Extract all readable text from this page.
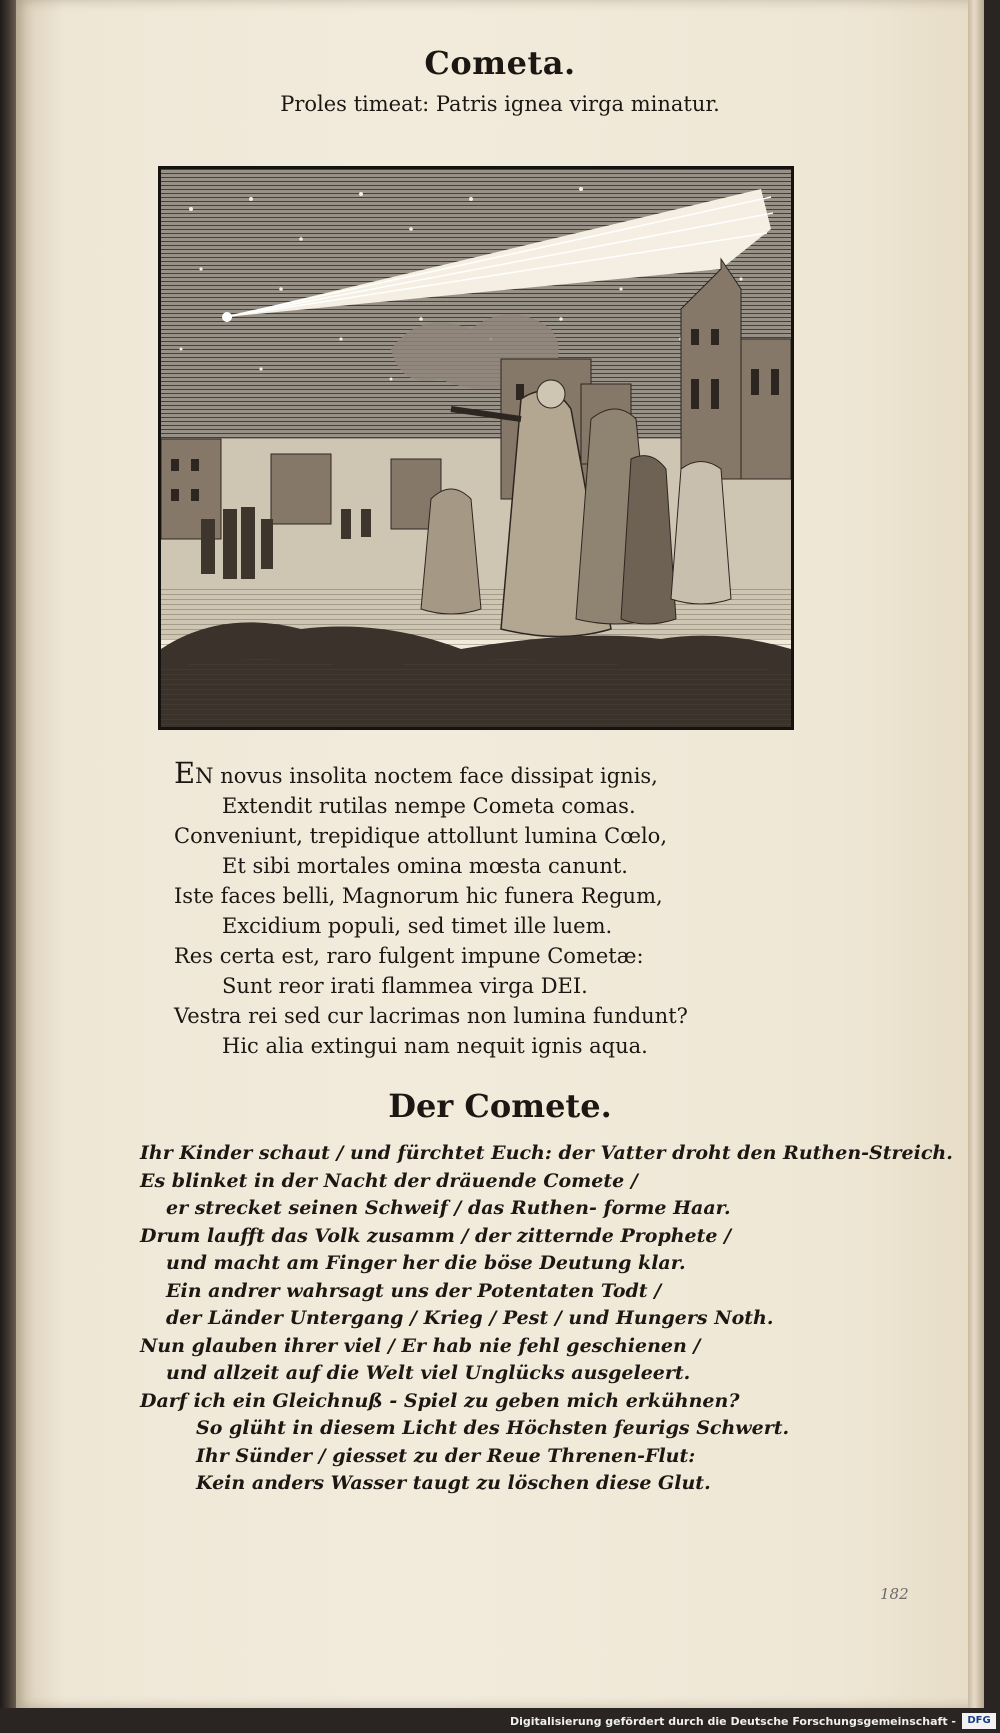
Cometa.
Proles timeat: Patris ignea virga minatur.
EN novus insolita noctem face dissipat ignis,
Extendit rutilas nempe Cometa comas.
Conveniunt, trepidique attollunt lumina Cœlo,
Et sibi mortales omina mœsta canunt.
Iste faces belli, Magnorum hic funera Regum,
Excidium populi, sed timet ille luem.
Res certa est, raro fulgent impune Cometæ:
Sunt reor irati flammea virga DEI.
Vestra rei sed cur lacrimas non lumina fundunt?
Hic alia extingui nam nequit ignis aqua.
Der Comete.
Ihr Kinder schaut / und fürchtet Euch: der Vatter droht den Ruthen-Streich.
Es blinket in der Nacht der dräuende Comete /
er strecket seinen Schweif / das Ruthen- forme Haar.
Drum laufft das Volk zusamm / der zitternde Prophete /
und macht am Finger her die böse Deutung klar.
Ein andrer wahrsagt uns der Potentaten Todt /
der Länder Untergang / Krieg / Pest / und Hungers Noth.
Nun glauben ihrer viel / Er hab nie fehl geschienen /
und allzeit auf die Welt viel Unglücks ausgeleert.
Darf ich ein Gleichnuß - Spiel zu geben mich erkühnen?
So glüht in diesem Licht des Höchsten feurigs Schwert.
Ihr Sünder / giesset zu der Reue Threnen-Flut:
Kein anders Wasser taugt zu löschen diese Glut.
182
Digitalisierung gefördert durch die Deutsche Forschungsgemeinschaft -	DFG
